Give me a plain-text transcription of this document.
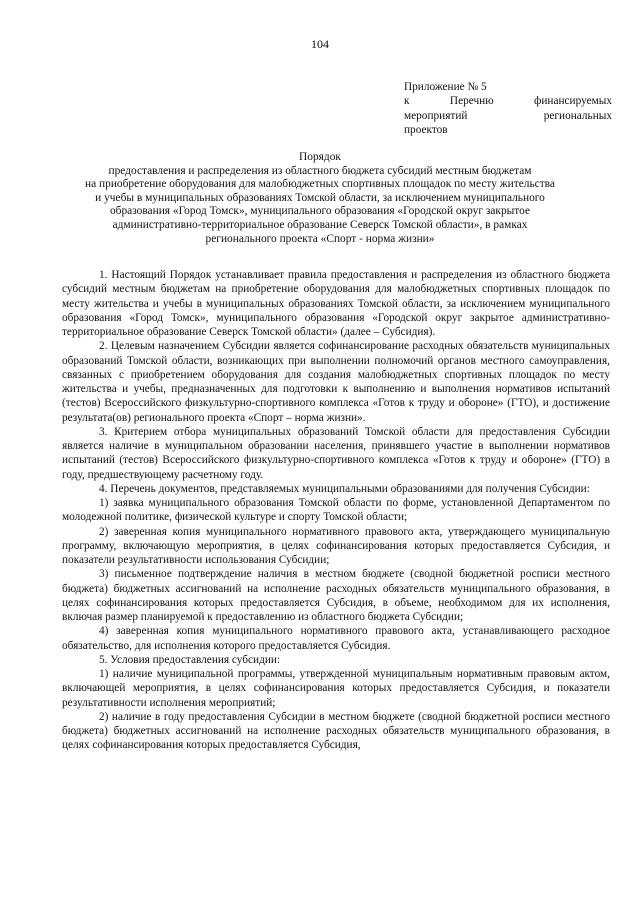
104
Приложение № 5
к Перечню финансируемых
мероприятий региональных
проектов
Порядок
предоставления и распределения из областного бюджета субсидий местным бюджетам
на приобретение оборудования для малобюджетных спортивных площадок по месту жительства
и учебы в муниципальных образованиях Томской области, за исключением муниципального
образования «Город Томск», муниципального образования «Городской округ закрытое
административно-территориальное образование Северск Томской области», в рамках
регионального проекта «Спорт - норма жизни»

1. Настоящий Порядок устанавливает правила предоставления и распределения из областного бюджета субсидий местным бюджетам на приобретение оборудования для малобюджетных спортивных площадок по месту жительства и учебы в муниципальных образованиях Томской области, за исключением муниципального образования «Город Томск», муниципального образования «Городской округ закрытое административно-территориальное образование Северск Томской области» (далее – Субсидия).

2. Целевым назначением Субсидии является софинансирование расходных обязательств муниципальных образований Томской области, возникающих при выполнении полномочий органов местного самоуправления, связанных с приобретением оборудования для создания малобюджетных спортивных площадок по месту жительства и учебы, предназначенных для подготовки к выполнению и выполнения нормативов испытаний (тестов) Всероссийского физкультурно-спортивного комплекса «Готов к труду и обороне» (ГТО), и достижение результата(ов) регионального проекта «Спорт – норма жизни».

3. Критерием отбора муниципальных образований Томской области для предоставления Субсидии является наличие в муниципальном образовании населения, принявшего участие в выполнении нормативов испытаний (тестов) Всероссийского физкультурно-спортивного комплекса «Готов к труду и обороне» (ГТО) в году, предшествующему расчетному году.

4. Перечень документов, представляемых муниципальными образованиями для получения Субсидии:

1) заявка муниципального образования Томской области по форме, установленной Департаментом по молодежной политике, физической культуре и спорту Томской области;

2) заверенная копия муниципального нормативного правового акта, утверждающего муниципальную программу, включающую мероприятия, в целях софинансирования которых предоставляется Субсидия, и показатели результативности использования Субсидии;

3) письменное подтверждение наличия в местном бюджете (сводной бюджетной росписи местного бюджета) бюджетных ассигнований на исполнение расходных обязательств муниципального образования, в целях софинансирования которых предоставляется Субсидия, в объеме, необходимом для их исполнения, включая размер планируемой к предоставлению из областного бюджета Субсидии;

4) заверенная копия муниципального нормативного правового акта, устанавливающего расходное обязательство, для исполнения которого предоставляется Субсидия.

5. Условия предоставления субсидии:

1) наличие муниципальной программы, утвержденной муниципальным нормативным правовым актом, включающей мероприятия, в целях софинансирования которых предоставляется Субсидия, и показатели результативности исполнения мероприятий;

2) наличие в году предоставления Субсидии в местном бюджете (сводной бюджетной росписи местного бюджета) бюджетных ассигнований на исполнение расходных обязательств муниципального образования, в целях софинансирования которых предоставляется Субсидия,
